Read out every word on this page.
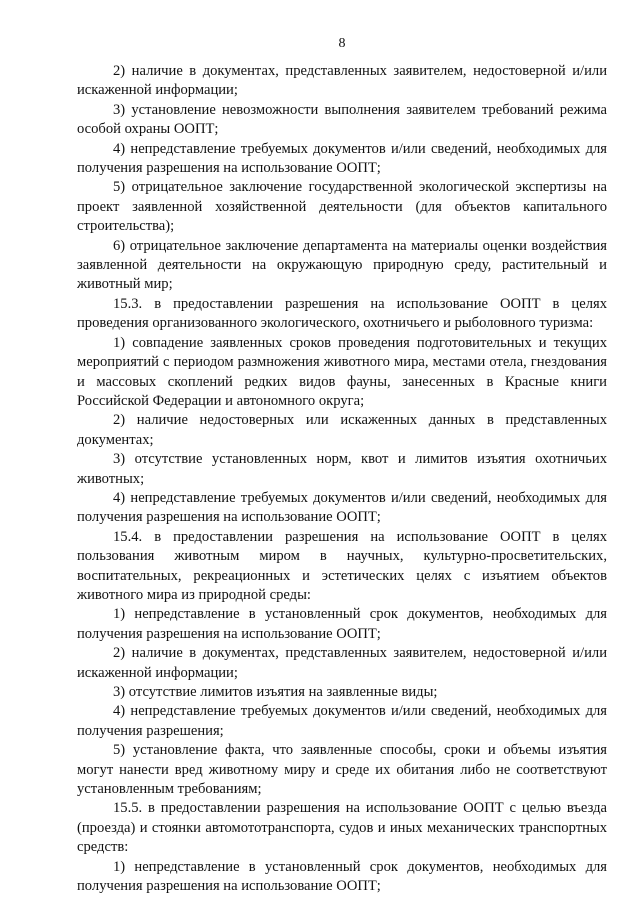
8

2) наличие в документах, представленных заявителем, недостоверной и/или искаженной информации;

3) установление невозможности выполнения заявителем требований режима особой охраны ООПТ;

4) непредставление требуемых документов и/или сведений, необходимых для получения разрешения на использование ООПТ;

5) отрицательное заключение государственной экологической экспертизы на проект заявленной хозяйственной деятельности (для объектов капитального строительства);

6) отрицательное заключение департамента на материалы оценки воздействия заявленной деятельности на окружающую природную среду, растительный и животный мир;

15.3. в предоставлении разрешения на использование ООПТ в целях проведения организованного экологического, охотничьего и рыболовного туризма:

1) совпадение заявленных сроков проведения подготовительных и текущих мероприятий с периодом размножения животного мира, местами отела, гнездования и массовых скоплений редких видов фауны, занесенных в Красные книги Российской Федерации и автономного округа;

2) наличие недостоверных или искаженных данных в представленных документах;

3) отсутствие установленных норм, квот и лимитов изъятия охотничьих животных;

4) непредставление требуемых документов и/или сведений, необходимых для получения разрешения на использование ООПТ;

15.4. в предоставлении разрешения на использование ООПТ в целях пользования животным миром в научных, культурно-просветительских, воспитательных, рекреационных и эстетических целях с изъятием объектов животного мира из природной среды:

1) непредставление в установленный срок документов, необходимых для получения разрешения на использование ООПТ;

2) наличие в документах, представленных заявителем, недостоверной и/или искаженной информации;

3) отсутствие лимитов изъятия на заявленные виды;

4) непредставление требуемых документов и/или сведений, необходимых для получения разрешения;

5) установление факта, что заявленные способы, сроки и объемы изъятия могут нанести вред животному миру и среде их обитания либо не соответствуют установленным требованиям;

15.5. в предоставлении разрешения на использование ООПТ с целью въезда (проезда) и стоянки автомототранспорта, судов и иных механических транспортных средств:

1) непредставление в установленный срок документов, необходимых для получения разрешения на использование ООПТ;
